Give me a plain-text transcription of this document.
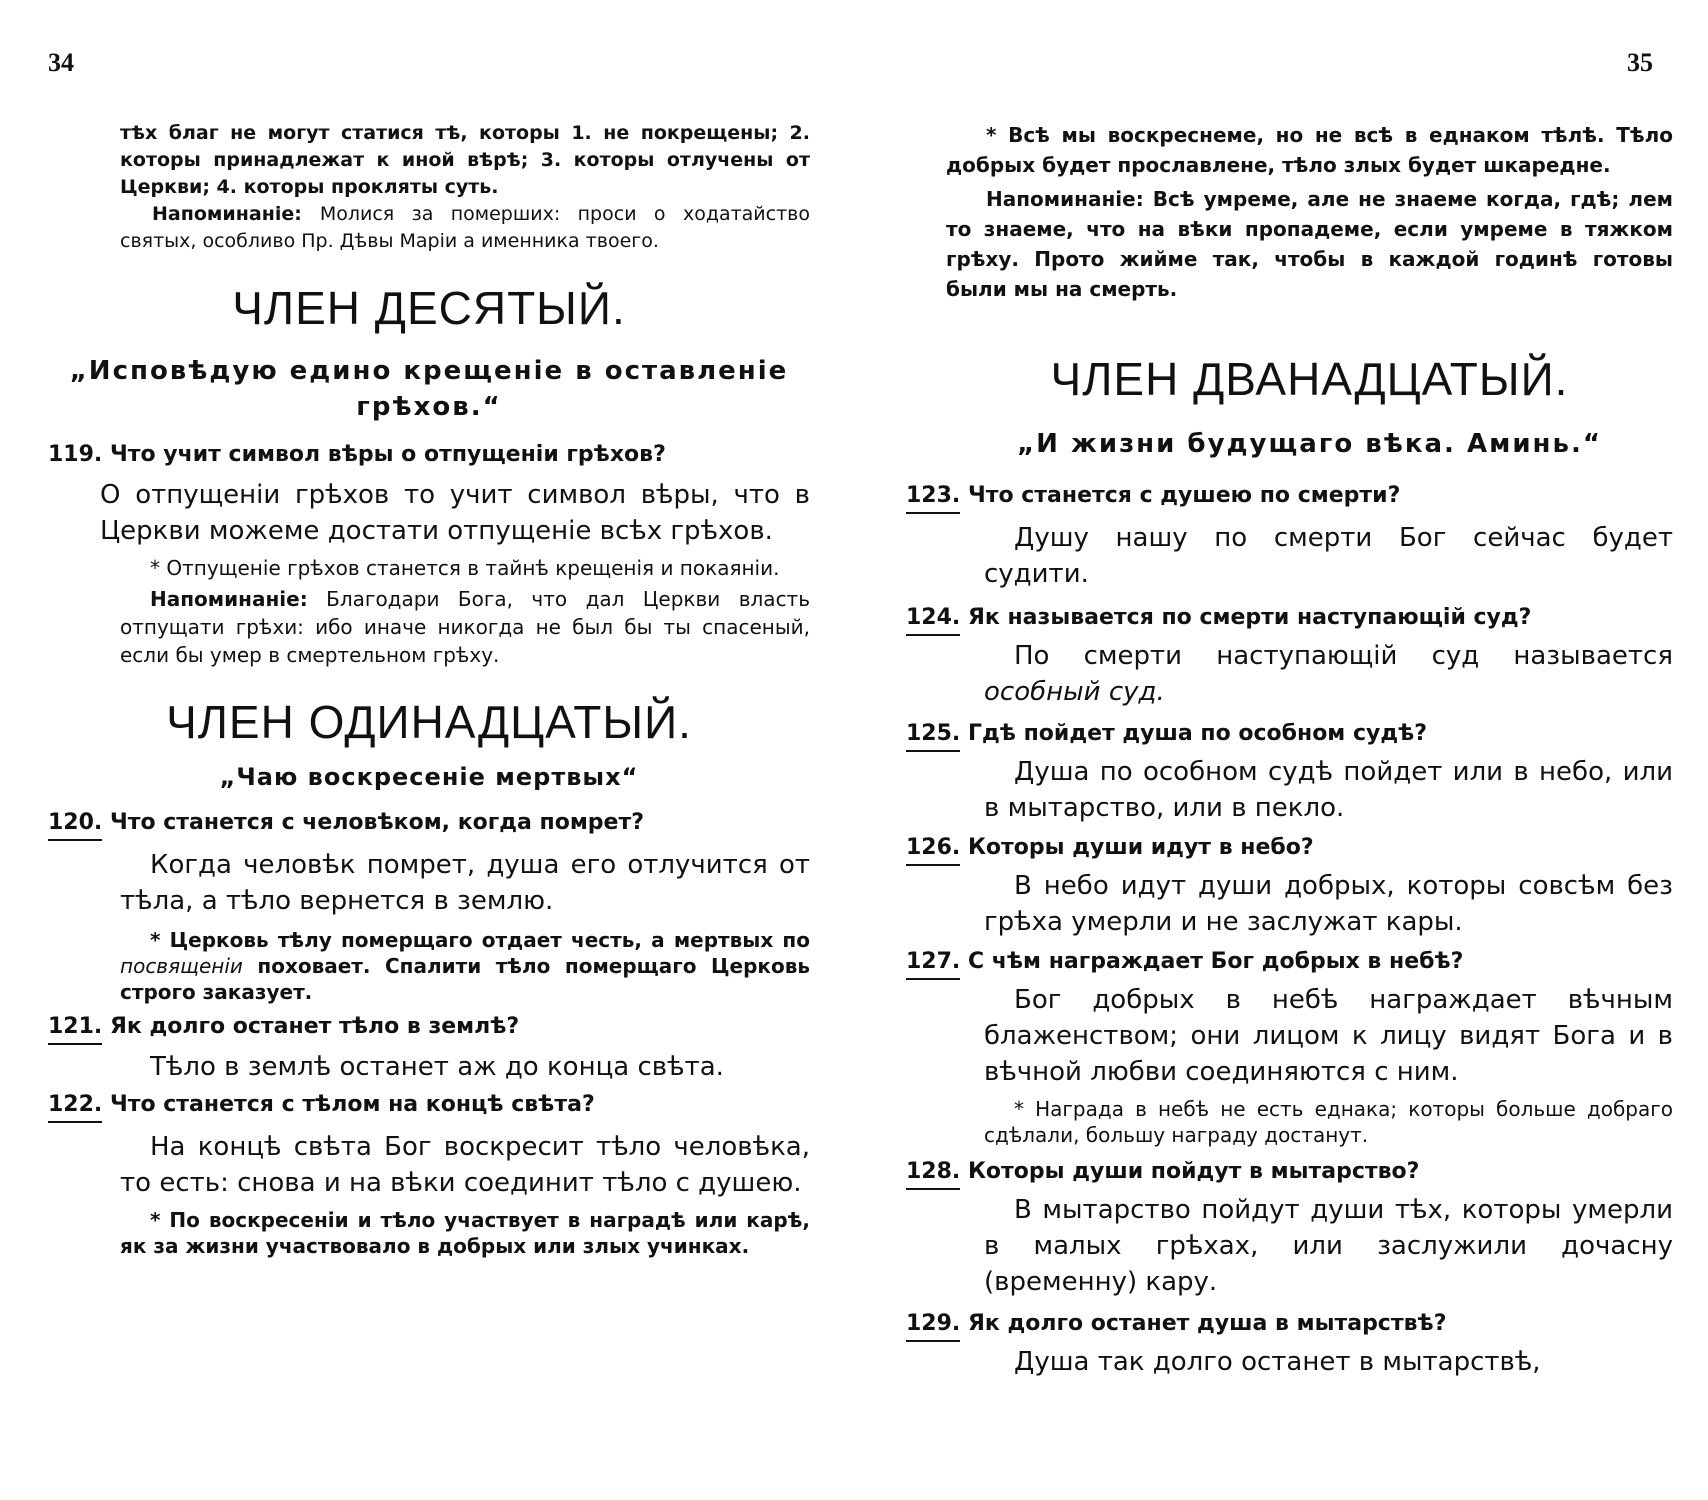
34

тѣх благ не могут статися тѣ, которы 1. не покрещены; 2. которы принадлежат к иной вѣрѣ; 3. которы отлучены от Церкви; 4. которы прокляты суть.

Напоминанie: Молися за померших: проси о ходатайство святых, особливо Пр. Дѣвы Марiи а именника твоего.

ЧЛЕН ДЕСЯТЫЙ.

„Исповѣдую едино крещенie в оставленie грѣхов.“

119. Что учит символ вѣры о отпущенiи грѣхов?

О отпущенiи грѣхов то учит символ вѣры, что в Церкви можеме достати отпущенie всѣх грѣхов.

* Отпущенie грѣхов станется в тайнѣ крещенiя и покаянiи.

Напоминанie: Благодари Бога, что дал Церкви власть отпущати грѣхи: ибо иначе никогда не был бы ты спасеный, если бы умер в смертельном грѣху.

ЧЛЕН ОДИНАДЦАТЫЙ.

„Чаю воскресенie мертвых“

120. Что станется с человѣком, когда помрет?

Когда человѣк помрет, душа его отлучится от тѣла, а тѣло вернется в землю.

* Церковь тѣлу померщаго отдает честь, а мертвых по посвященiи поховает. Спалити тѣло померщаго Церковь строго заказует.

121. Як долго останет тѣло в землѣ?

Тѣло в землѣ останет аж до конца свѣта.

122. Что станется с тѣлом на концѣ свѣта?

На концѣ свѣта Бог воскресит тѣло человѣка, то есть: снова и на вѣки соединит тѣло с душею.

* По воскресенiи и тѣло участвует в нaградѣ или карѣ, як за жизни участвовало в добрых или злых учинках.

35

* Всѣ мы воскреснеме, но не всѣ в еднаком тѣлѣ. Тѣло добрых будет прославлене, тѣло злых будет шкаредне.

Напоминанie: Всѣ умреме, але не знаеме когда, гдѣ; лем то знаеме, что на вѣки пропадеме, если умреме в тяжком грѣху. Прото жийме так, чтобы в каждой годинѣ готовы были мы на смерть.

ЧЛЕН ДВАНАДЦАТЫЙ.

„И жизни будущаго вѣка. Аминь.“

123. Что станется с душею по смерти?

Душу нашу по смерти Бог сейчас будет судити.

124. Як называется по смерти наступающiй суд?

По смерти наступающiй суд называется особный суд.

125. Гдѣ пойдет душа по особном судѣ?

Душа по особном судѣ пойдет или в небо, или в мытарство, или в пекло.

126. Которы души идут в небо?

В небо идут души добрых, которы совсѣм без грѣха умерли и не заслужат кары.

127. С чѣм награждает Бог добрых в небѣ?

Бог добрых в небѣ награждает вѣчным блаженством; они лицом к лицу видят Бога и в вѣчной любви соединяются с ним.

* Награда в небѣ не есть еднака; которы больше добраго сдѣлали, большу награду достанут.

128. Которы души пойдут в мытарство?

В мытарство пойдут души тѣх, которы умерли в малых грѣхах, или заслужили дочасну (временну) кару.

129. Як долго останет душа в мытарствѣ?

Душа так долго останет в мытарствѣ,
